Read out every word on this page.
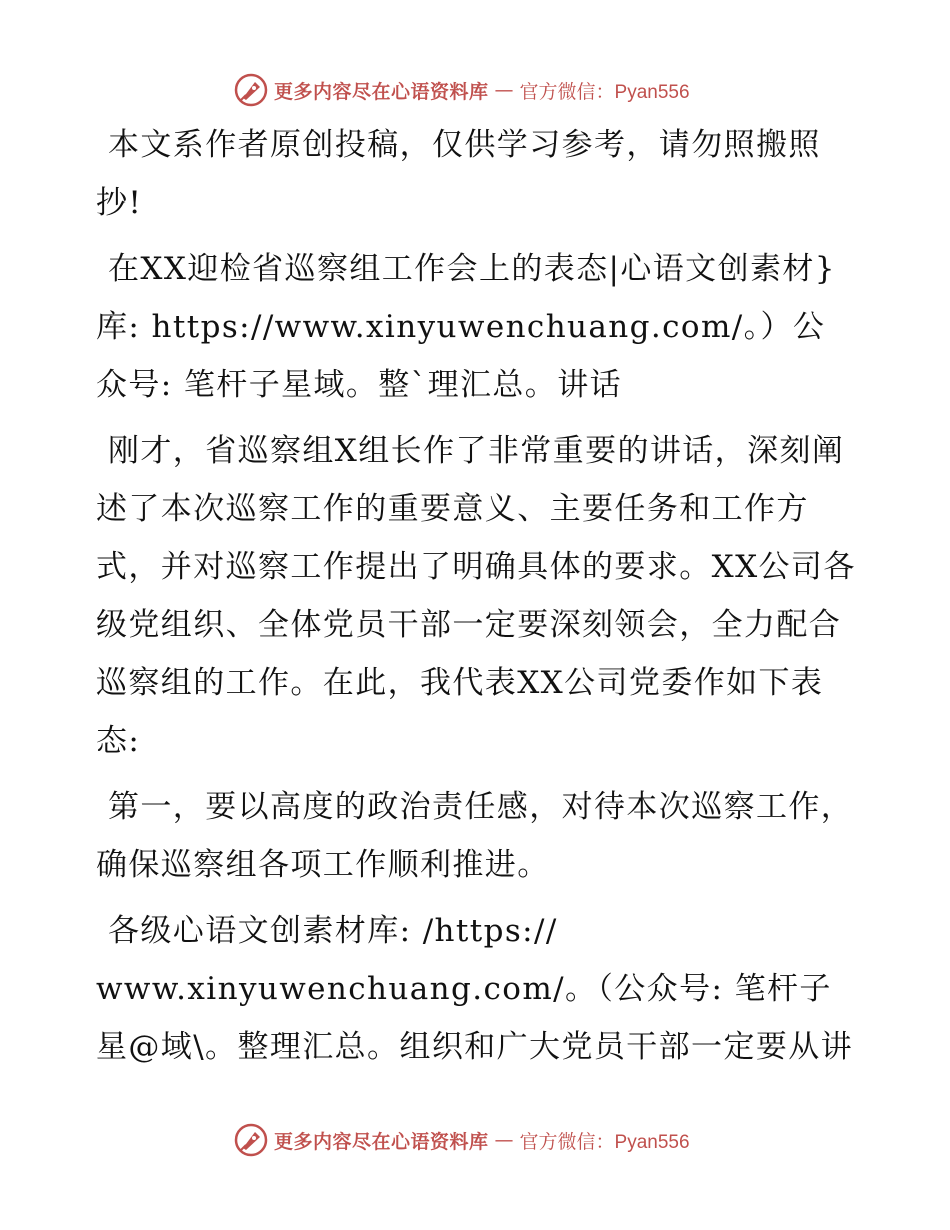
更多内容尽在心语资料库 — 官方微信：Pyan556

本文系作者原创投稿，仅供学习参考，请勿照搬照抄!

在XX迎检省巡察组工作会上的表态|心语文创素材}库: https://www.xinyuwenchuang.com/。）公众号: 笔杆子星域。整`理汇总。讲话

刚才，省巡察组X组长作了非常重要的讲话，深刻阐述了本次巡察工作的重要意义、主要任务和工作方式，并对巡察工作提出了明确具体的要求。XX公司各级党组织、全体党员干部一定要深刻领会，全力配合巡察组的工作。在此，我代表XX公司党委作如下表态:

第一，要以高度的政治责任感，对待本次巡察工作，确保巡察组各项工作顺利推进。

各级心语文创素材库: /https://

www.xinyuwenchuang.com/。（公众号: 笔杆子星@域\。整理汇总。组织和广大党员干部一定要从讲

更多内容尽在心语资料库 — 官方微信：Pyan556
